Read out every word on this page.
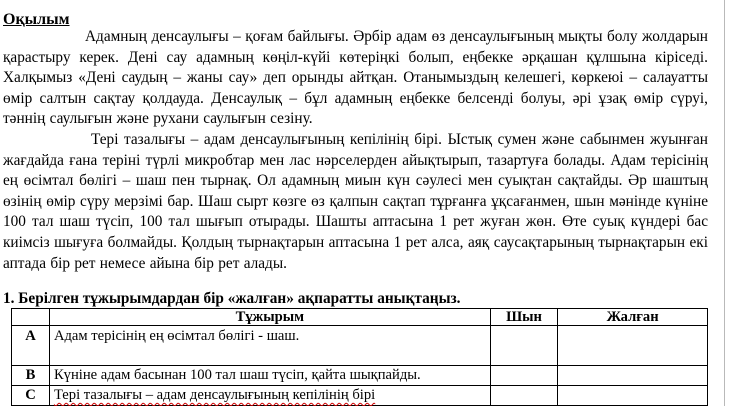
Оқылым

Адамның денсаулығы – қоғам байлығы. Әрбір адам өз денсаулығының мықты болу жолдарын қарастыру керек. Дені сау адамның көңіл-күйі көтеріңкі болып, еңбекке әрқашан құлшына кіріседі. Халқымыз «Дені саудың – жаны сау» деп орынды айтқан. Отанымыздың келешегі, көркеюі – салауатты өмір салтын сақтау қолдауда. Денсаулық – бұл адамның еңбекке белсенді болуы, әрі ұзақ өмір сүруі, тәннің саулығын және рухани саулығын сезіну.

Тері тазалығы – адам денсаулығының кепілінің бірі. Ыстық сумен және сабынмен жуынған жағдайда ғана теріні түрлі микробтар мен лас нәрселерден айықтырып, тазартуға болады. Адам терісінің ең өсімтал бөлігі – шаш пен тырнақ. Ол адамның миын күн сәулесі мен суықтан сақтайды. Әр шаштың өзінің өмір сүру мерзімі бар. Шаш сырт көзге өз қалпын сақтап тұрғанға ұқсағанмен, шын мәнінде күніне 100 тал шаш түсіп, 100 тал шығып отырады. Шашты аптасына 1 рет жуған жөн. Өте суық күндері бас киімсіз шығуға болмайды. Қолдың тырнақтарын аптасына 1 рет алса, аяқ саусақтарының тырнақтарын екі аптада бір рет немесе айына бір рет алады.

1. Берілген тұжырымдардан бір «жалған» ақпаратты анықтаңыз.
	Тұжырым	Шын	Жалған
A	Адам терісінің ең өсімтал бөлігі - шаш.		
B	Күніне адам басынан 100 тал шаш түсіп, қайта шықпайды.		
C	Тері тазалығы – адам денсаулығының кепілінің бірі		
